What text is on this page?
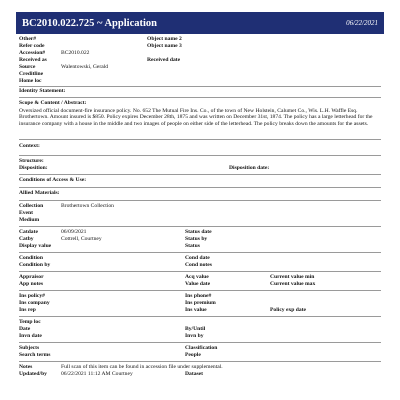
BC2010.022.725 ~ Application	06/22/2021
Other#	Object name 2
Refer code	Object name 3
Accession#	BC2010.022
Received as	Received date
Source	Walentowski, Gerald
Creditline
Home loc
Identity Statement:
Scope & Content / Abstract:
Oversized official document-fire insurance policy. No. 652 The Mutual Fire Ins. Co., of the town of New Holstein, Calumet Co., Wis. L.H. Waffle Esq. Brothertown. Amount insured is $850. Policy expires December 28th, 1875 and was written on December 31st, 1874. The policy has a large letterhead for the insurance company with a house in the middle and two images of people on either side of the letterhead. The policy breaks down the amounts for the assets.
Context:
Structure:
Disposition:	Disposition date:
Conditions of Access & Use:
Allied Materials:
Collection	Brothertown Collection
Event
Medium
Catdate	06/09/2021	Status date
Catby	Cottrell, Courtney	Status by
Display value	Status
Condition	Cond date
Condition by	Cond notes
Appraisor	Acq value	Current value min
App notes	Value date	Current value max
Ins policy#	Ins phone#
Ins company	Ins premium
Ins rep	Ins value	Policy exp date
Temp loc
Date	By/Until
Invn date	Invn by
Subjects	Classification
Search terms	People
Notes	Full scan of this item can be found in accession file under supplemental.
Updated/by	06/22/2021 11:12 AM Courtney	Dataset
